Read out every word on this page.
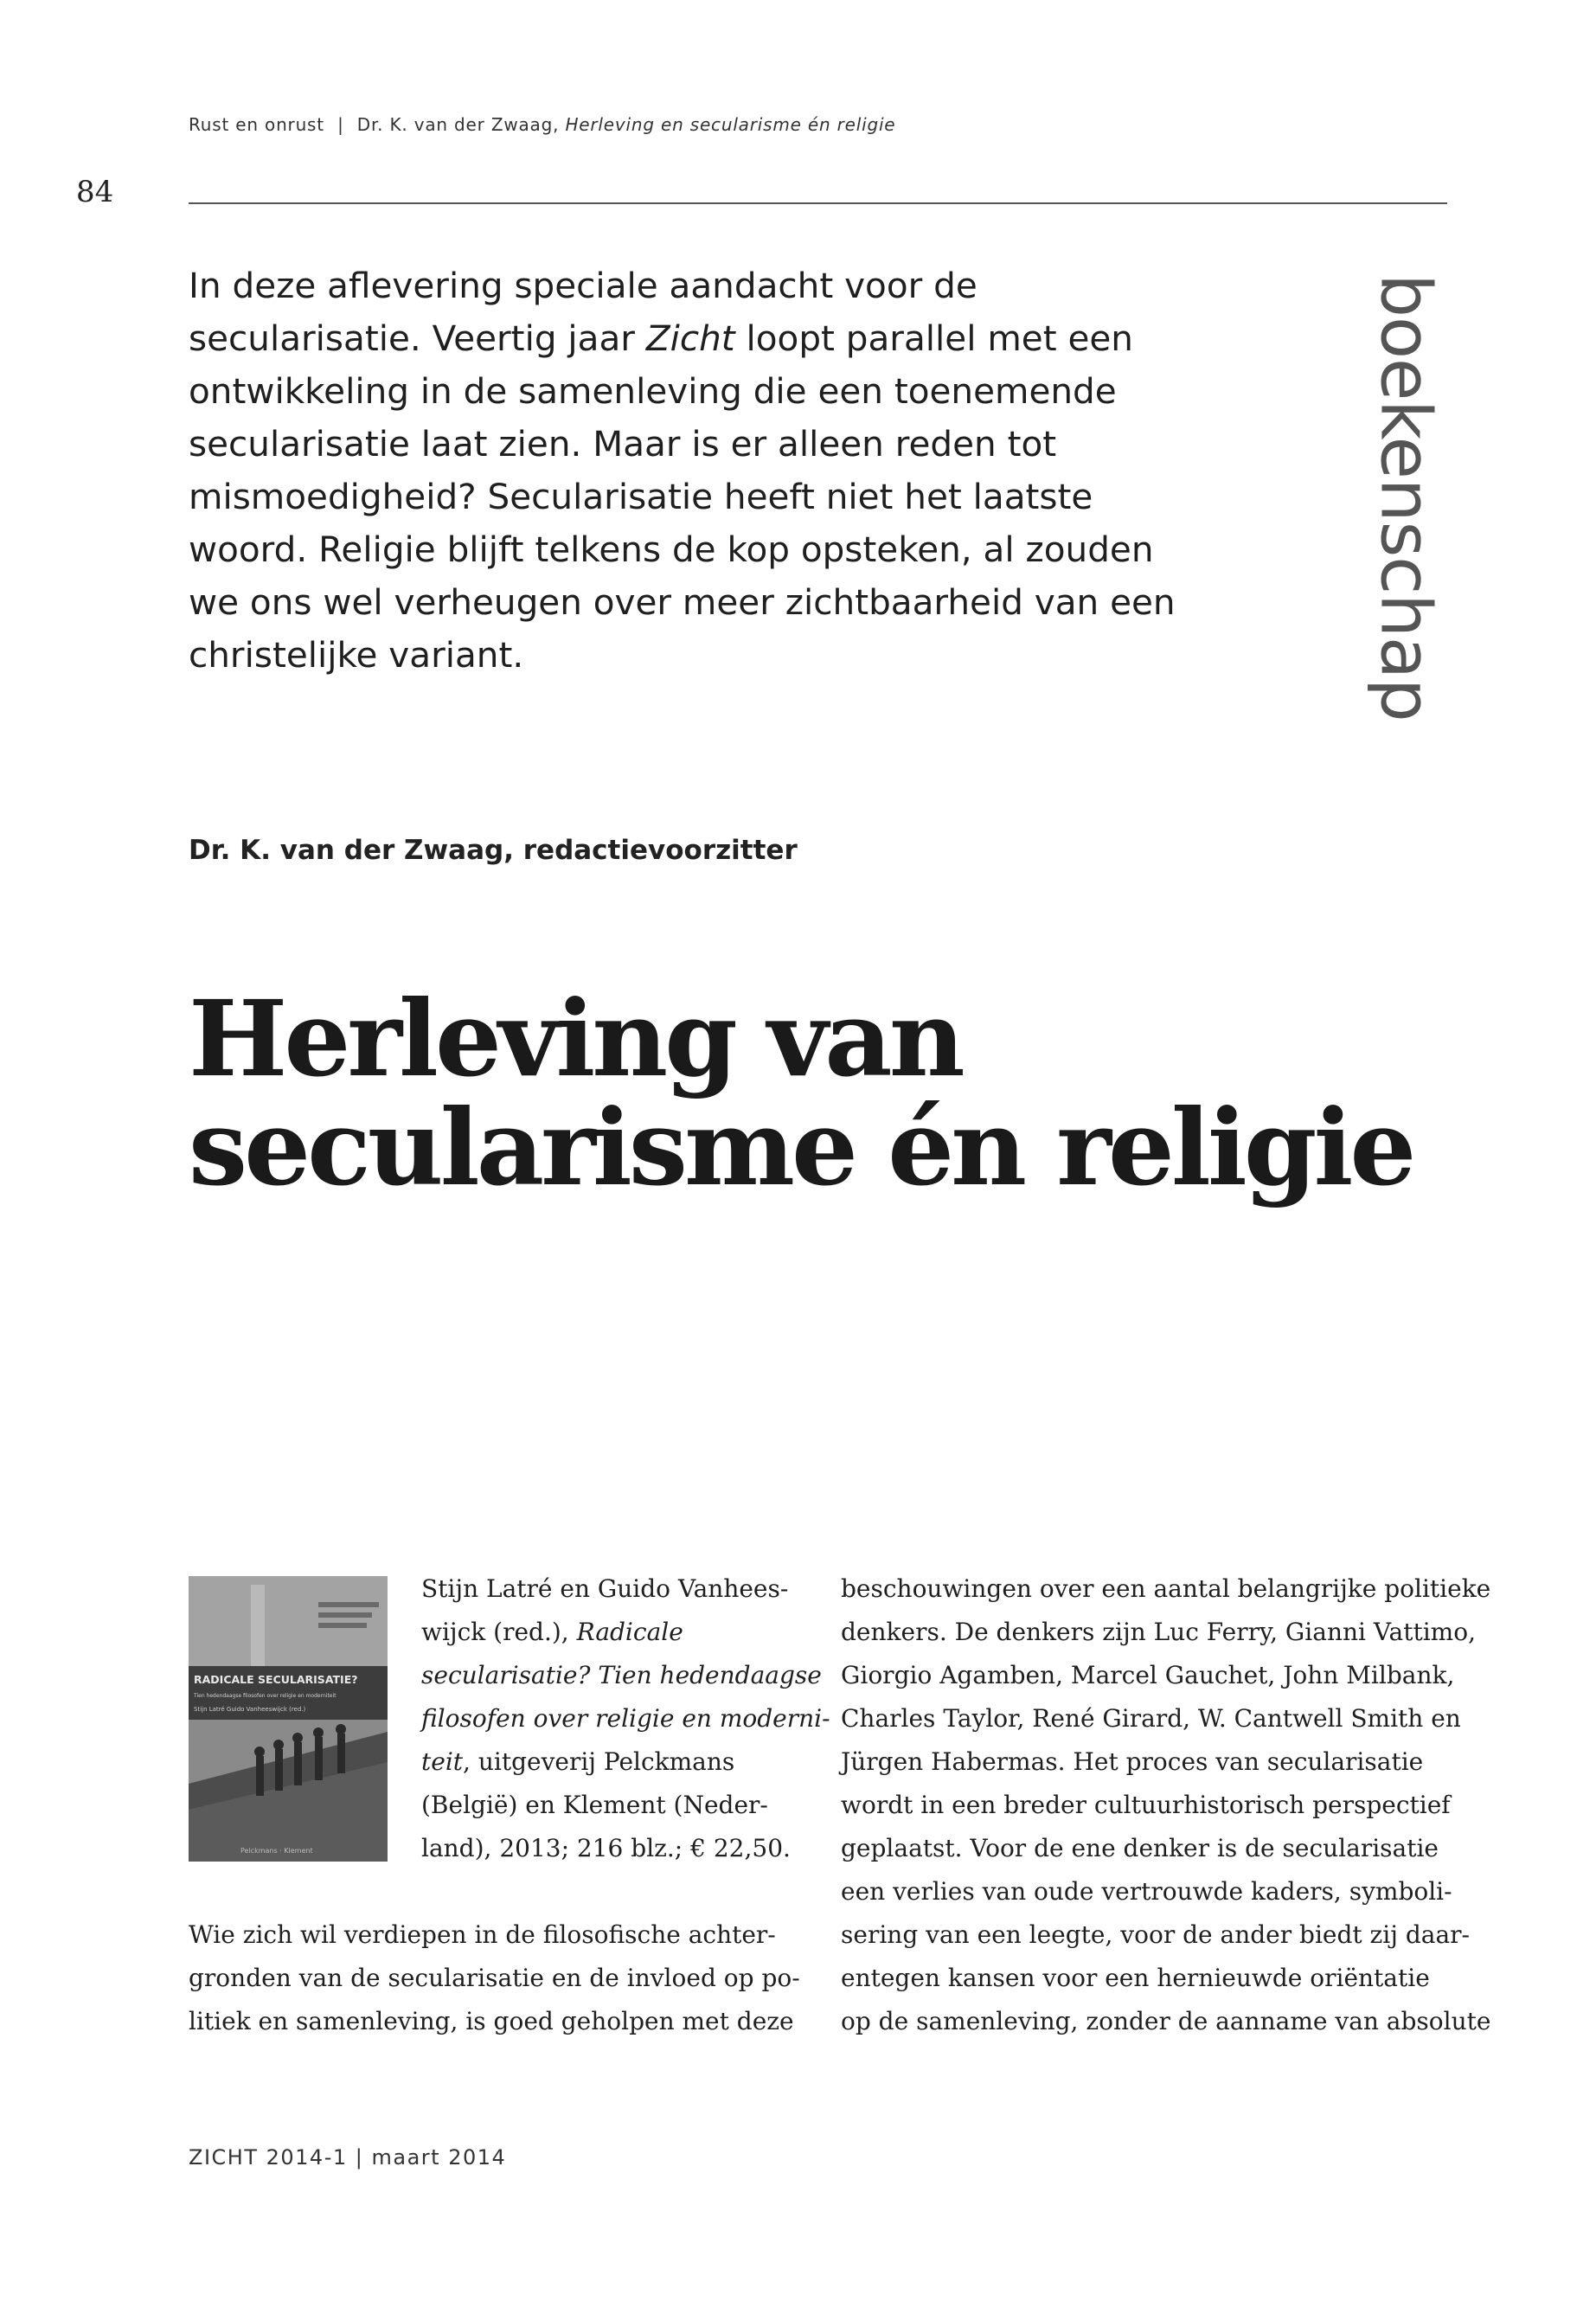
Rust en onrust | Dr. K. van der Zwaag, Herleving en secularisme én religie
84
In deze aflevering speciale aandacht voor de
secularisatie. Veertig jaar Zicht loopt parallel met een
ontwikkeling in de samenleving die een toenemende
secularisatie laat zien. Maar is er alleen reden tot
mismoedigheid? Secularisatie heeft niet het laatste
woord. Religie blijft telkens de kop opsteken, al zouden
we ons wel verheugen over meer zichtbaarheid van een
christelijke variant.	boekenschap
Dr. K. van der Zwaag, redactievoorzitter
Herleving van
secularisme én religie
RADICALE SECULARISATIE?
Tien hedendaagse filosofen over religie en moderniteit
Stijn Latré Guido Vanheeswijck (red.)
Pelckmans · Klement
Stijn Latré en Guido Vanhees-
wijck (red.), Radicale
secularisatie? Tien hedendaagse
filosofen over religie en moderni-
teit, uitgeverij Pelckmans
(België) en Klement (Neder-
land), 2013; 216 blz.; € 22,50.
Wie zich wil verdiepen in de filosofische achter-
gronden van de secularisatie en de invloed op po-
litiek en samenleving, is goed geholpen met deze
beschouwingen over een aantal belangrijke politieke
denkers. De denkers zijn Luc Ferry, Gianni Vattimo,
Giorgio Agamben, Marcel Gauchet, John Milbank,
Charles Taylor, René Girard, W. Cantwell Smith en
Jürgen Habermas. Het proces van secularisatie
wordt in een breder cultuurhistorisch perspectief
geplaatst. Voor de ene denker is de secularisatie
een verlies van oude vertrouwde kaders, symboli-
sering van een leegte, voor de ander biedt zij daar-
entegen kansen voor een hernieuwde oriëntatie
op de samenleving, zonder de aanname van absolute
ZICHT 2014-1 | maart 2014
